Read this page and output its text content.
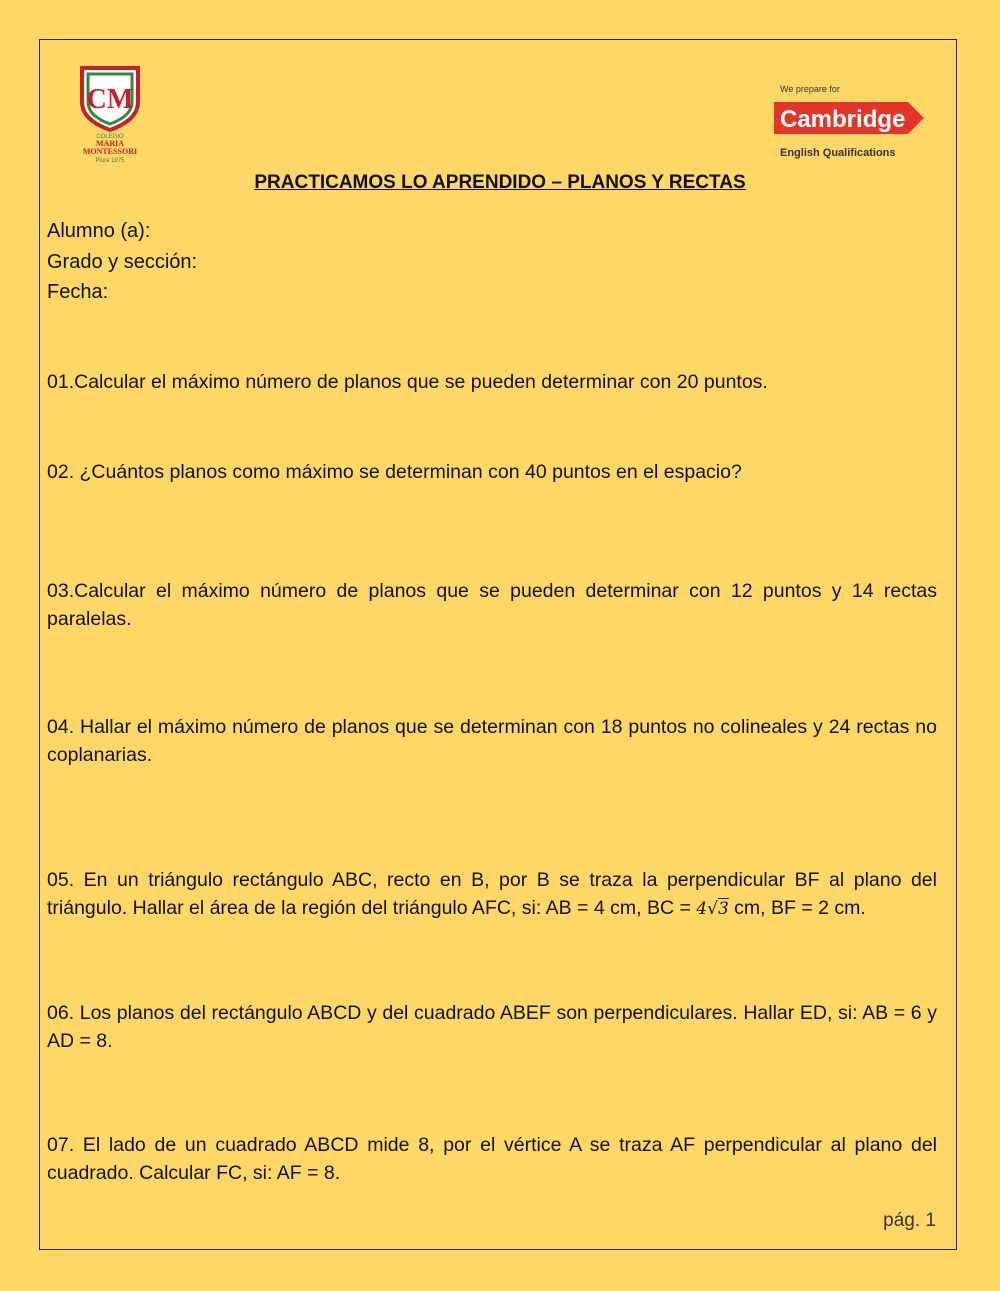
CM
COLEGIO
MARIA
MONTESSORI
Piura 1975
We prepare for
Cambridge
English Qualifications
PRACTICAMOS LO APRENDIDO – PLANOS Y RECTAS
Alumno (a):
Grado y sección:
Fecha:
01.Calcular el máximo número de planos que se pueden determinar con 20 puntos.
02. ¿Cuántos planos como máximo se determinan con 40 puntos en el espacio?
03.Calcular el máximo número de planos que se pueden determinar con 12 puntos y 14 rectas paralelas.
04. Hallar el máximo número de planos que se determinan con 18 puntos no colineales y 24 rectas no coplanarias.
05. En un triángulo rectángulo ABC, recto en B, por B se traza la perpendicular BF al plano del triángulo. Hallar el área de la región del triángulo AFC, si: AB = 4 cm, BC = 4√3 cm, BF = 2 cm.
06. Los planos del rectángulo ABCD y del cuadrado ABEF son perpendiculares. Hallar ED, si: AB = 6 y AD = 8.
07. El lado de un cuadrado ABCD mide 8, por el vértice A se traza AF perpendicular al plano del cuadrado. Calcular FC, si: AF = 8.
pág. 1
